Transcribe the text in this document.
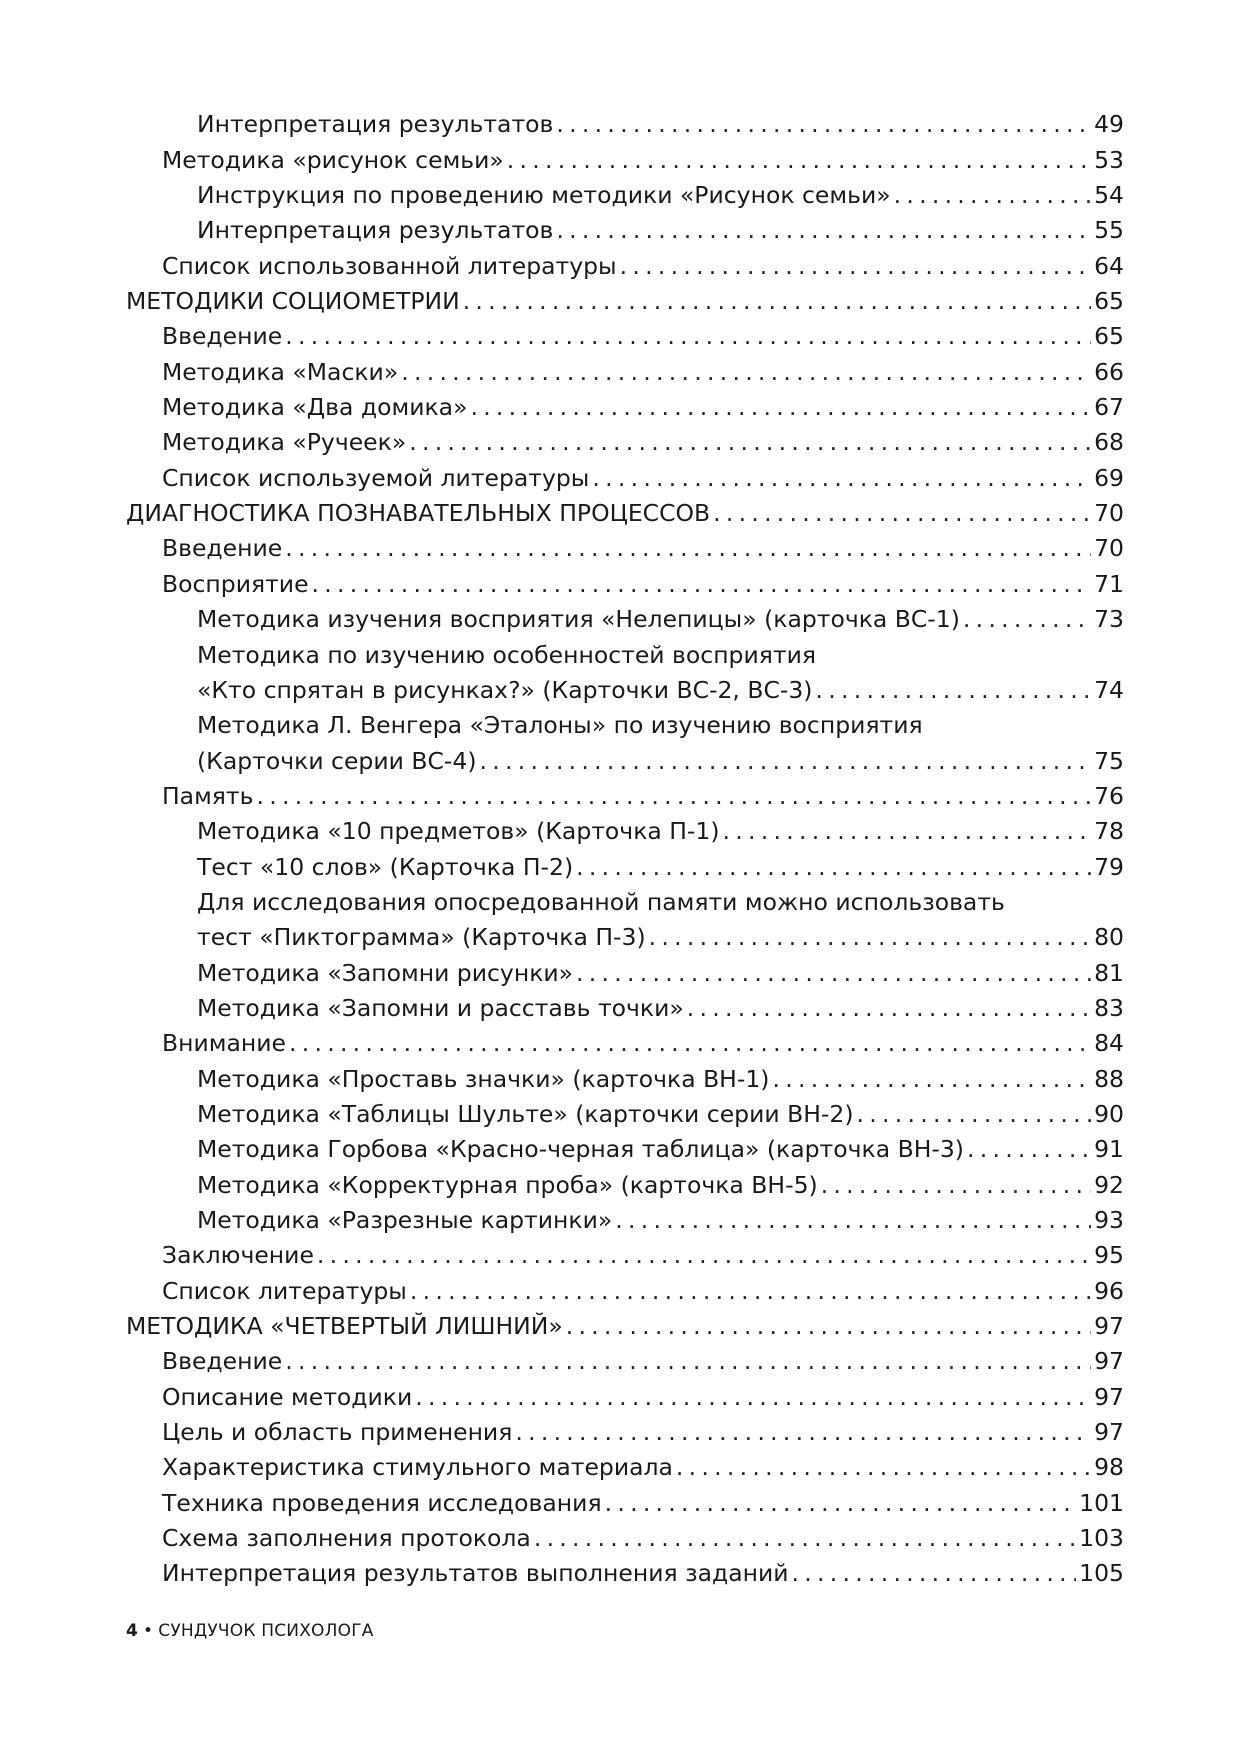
Интерпретация результатов . . .	49
Методика «рисунок семьи» . . .	53
Инструкция по проведению методики «Рисунок семьи» . . .	54
Интерпретация результатов . . .	55
Список использованной литературы . . .	64
МЕТОДИКИ СОЦИОМЕТРИИ . . .	65
Введение . . .	65
Методика «Маски» . . .	66
Методика «Два домика» . . .	67
Методика «Ручеек» . . .	68
Список используемой литературы . . .	69
ДИАГНОСТИКА ПОЗНАВАТЕЛЬНЫХ ПРОЦЕССОВ . . .	70
Введение . . .	70
Восприятие . . .	71
Методика изучения восприятия «Нелепицы» (карточка ВС-1) . . .	73
Методика по изучению особенностей восприятия
«Кто спрятан в рисунках?» (Карточки ВС-2, ВС-3) . . .	74
Методика Л. Венгера «Эталоны» по изучению восприятия
(Карточки серии ВС-4) . . .	75
Память . . .	76
Методика «10 предметов» (Карточка П-1) . . .	78
Тест «10 слов» (Карточка П-2) . . .	79
Для исследования опосредованной памяти можно использовать
тест «Пиктограмма» (Карточка П-3) . . .	80
Методика «Запомни рисунки» . . .	81
Методика «Запомни и расставь точки» . . .	83
Внимание . . .	84
Методика «Проставь значки» (карточка ВН-1) . . .	88
Методика «Таблицы Шульте» (карточки серии ВН-2) . . .	90
Методика Горбова «Красно-черная таблица» (карточка ВН-3) . . .	91
Методика «Корректурная проба» (карточка ВН-5) . . .	92
Методика «Разрезные картинки» . . .	93
Заключение . . .	95
Список литературы . . .	96
МЕТОДИКА «ЧЕТВЕРТЫЙ ЛИШНИЙ» . . .	97
Введение . . .	97
Описание методики . . .	97
Цель и область применения . . .	97
Характеристика стимульного материала . . .	98
Техника проведения исследования . . .	101
Схема заполнения протокола . . .	103
Интерпретация результатов выполнения заданий . . .	105
4 • СУНДУЧОК ПСИХОЛОГА
